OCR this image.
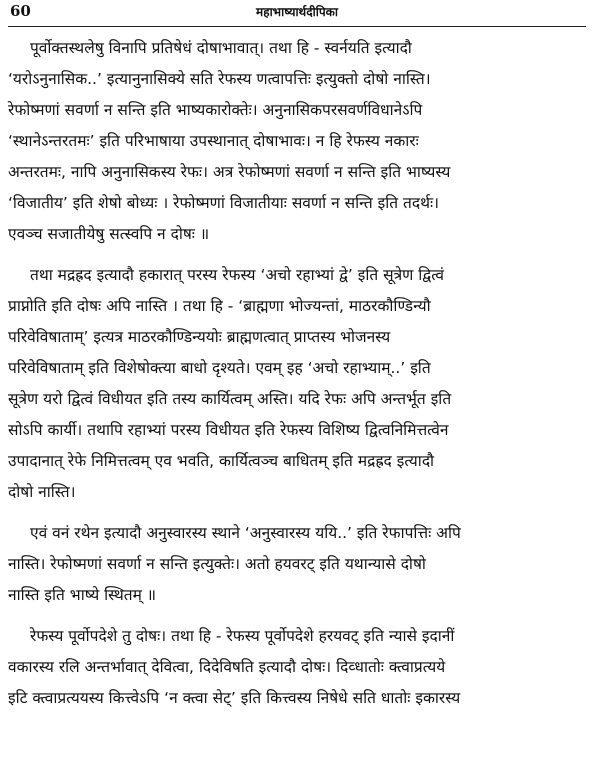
60	महाभाष्यार्थदीपिका

पूर्वोक्तस्थलेषु विनापि प्रतिषेधं दोषाभावात्। तथा हि - स्वर्नयति इत्यादौ
‘यरोऽनुनासिक..’ इत्यानुनासिक्ये सति रेफस्य णत्वापत्तिः इत्युक्तो दोषो नास्ति।
रेफोष्मणां सवर्णा न सन्ति इति भाष्यकारोक्तेः। अनुनासिकपरसवर्णविधानेऽपि
‘स्थानेऽन्तरतमः’ इति परिभाषाया उपस्थानात् दोषाभावः। न हि रेफस्य नकारः
अन्तरतमः, नापि अनुनासिकस्य रेफः। अत्र रेफोष्मणां सवर्णा न सन्ति इति भाष्यस्य
‘विजातीय’ इति शेषो बोध्यः । रेफोष्मणां विजातीयाः सवर्णा न सन्ति इति तदर्थः।
एवञ्च सजातीयेषु सत्स्वपि न दोषः ॥

तथा मद्रह्रद इत्यादौ हकारात् परस्य रेफस्य ‘अचो रहाभ्यां द्वे’ इति सूत्रेण द्वित्वं
प्राप्नोति इति दोषः अपि नास्ति । तथा हि - ‘ब्राह्मणा भोज्यन्तां, माठरकौण्डिन्यौ
परिवेविषाताम्’ इत्यत्र माठरकौण्डिन्ययोः ब्राह्मणत्वात् प्राप्तस्य भोजनस्य
परिवेविषाताम् इति विशेषोक्त्या बाधो दृश्यते। एवम् इह ‘अचो रहाभ्याम्..’ इति
सूत्रेण यरो द्वित्वं विधीयत इति तस्य कार्यित्वम् अस्ति। यदि रेफः अपि अन्तर्भूत इति
सोऽपि कार्यी। तथापि रहाभ्यां परस्य विधीयत इति रेफस्य विशिष्य द्वित्वनिमित्तत्वेन
उपादानात् रेफे निमित्तत्वम् एव भवति, कार्यित्वञ्च बाधितम् इति मद्रह्रद इत्यादौ
दोषो नास्ति।

एवं वनं रथेन इत्यादौ अनुस्वारस्य स्थाने ‘अनुस्वारस्य ययि..’ इति रेफापत्तिः अपि
नास्ति। रेफोष्मणां सवर्णा न सन्ति इत्युक्तेः। अतो हयवरट् इति यथान्यासे दोषो
नास्ति इति भाष्ये स्थितम् ॥

रेफस्य पूर्वोपदेशे तु दोषः। तथा हि - रेफस्य पूर्वोपदेशे हरयवट् इति न्यासे इदानीं
वकारस्य रलि अन्तर्भावात् देवित्वा, दिदेविषति इत्यादौ दोषः। दिव्धातोः क्त्वाप्रत्यये
इटि क्त्वाप्रत्ययस्य कित्त्वेऽपि ‘न क्त्वा सेट्’ इति कित्त्वस्य निषेधे सति धातोः इकारस्य
